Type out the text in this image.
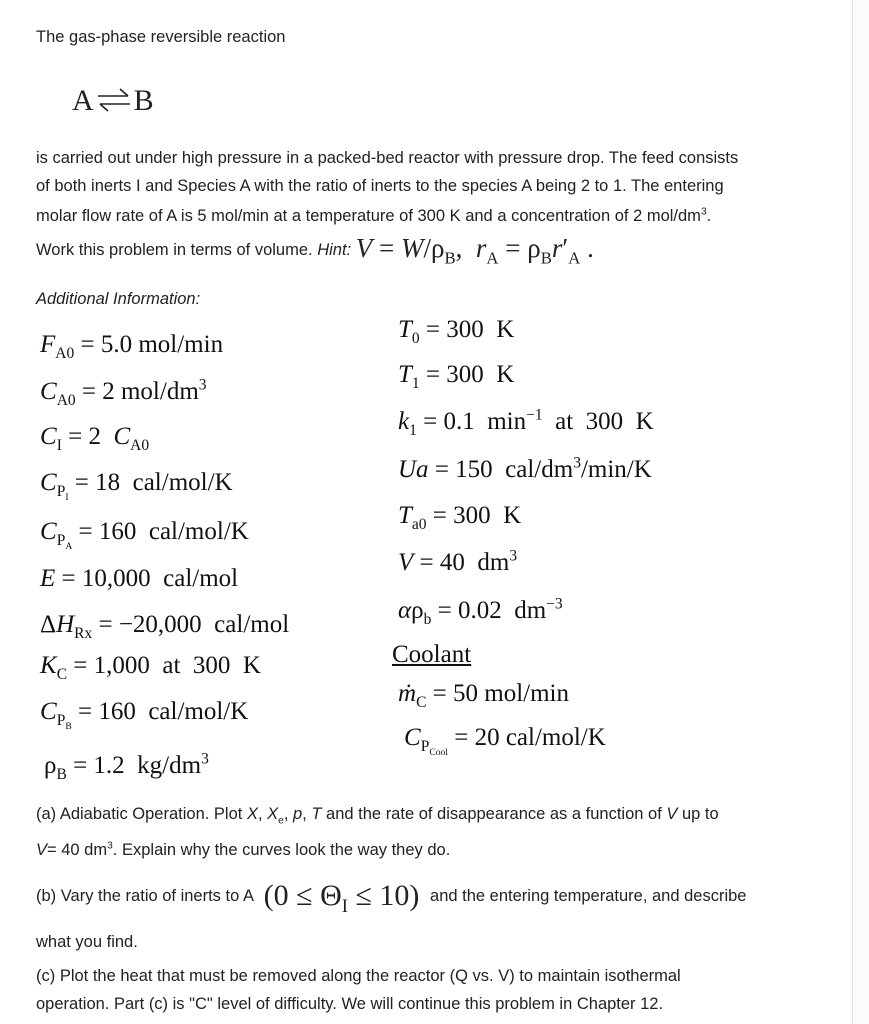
The gas-phase reversible reaction
A⇌B
is carried out under high pressure in a packed-bed reactor with pressure drop. The feed consists
of both inerts I and Species A with the ratio of inerts to the species A being 2 to 1. The entering
molar flow rate of A is 5 mol/min at a temperature of 300 K and a concentration of 2 mol/$dm^3$.
Work this problem in terms of volume. Hint: $V = W/\rho_B$,  $r_A = \rho_Br'_A$ .
Additional Information:
$F_{A0} = 5.0$ mol/min
$C_{A0} = 2$ mol/$dm^3$
$C_I = 2$  $C_{A0}$
$C_{P_I} = 18$  cal/mol/K
$C_{P_A} = 160$  cal/mol/K
E = 10,000  cal/mol
$\Delta H_{Rx} = -20,000$  cal/mol
$K_C = 1,000$  at  300  K
$C_{P_B} = 160$  cal/mol/K
$\rho_B = 1.2$  $kg/dm^3$
$T_0 = 300$  K
$T_1 = 300$  K
$k_1 = 0.1$  $\min^{-1}$  at  300  K
Ua = 150  cal/$dm^3/\min/K$
$T_{a0} = 300$  K
V = 40  $dm^3$
$\alpha\rho_b = 0.02$  $dm^{-3}$
Coolant
ṁ$_C$ = 50 mol/min
$C_{P_{Cool}} = 20$ cal/mol/K
(a) Adiabatic Operation. Plot X, $X_e$, p, T and the rate of disappearance as a function of V up to
V= 40 $dm^3$. Explain why the curves look the way they do.
(b) Vary the ratio of inerts to A $(0 \le \Theta_I \le 10)$ and the entering temperature, and describe
what you find.
(c) Plot the heat that must be removed along the reactor (Q vs. V) to maintain isothermal
operation. Part (c) is "C" level of difficulty. We will continue this problem in Chapter 12.
